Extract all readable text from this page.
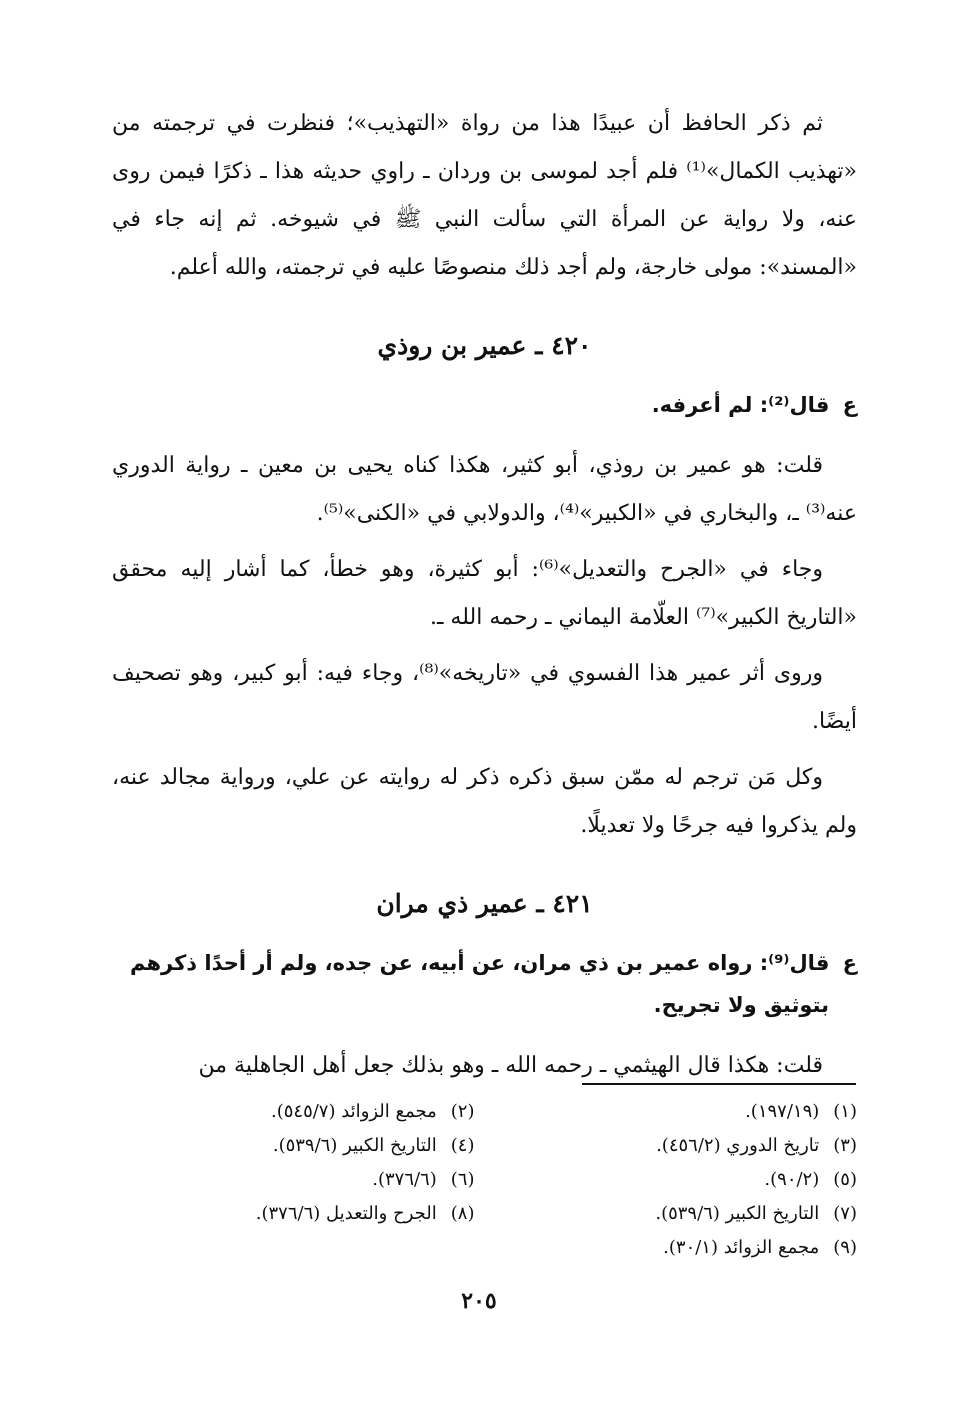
ثم ذكر الحافظ أن عبيدًا هذا من رواة «التهذيب»؛ فنظرت في ترجمته من «تهذيب الكمال»⁽¹⁾ فلم أجد لموسى بن وردان ـ راوي حديثه هذا ـ ذكرًا فيمن روى عنه، ولا رواية عن المرأة التي سألت النبي ﷺ في شيوخه. ثم إنه جاء في «المسند»: مولى خارجة، ولم أجد ذلك منصوصًا عليه في ترجمته، والله أعلم.

٤٢٠ ـ عمير بن روذي
ع قال⁽²⁾: لم أعرفه.

قلت: هو عمير بن روذي، أبو كثير، هكذا كناه يحيى بن معين ـ رواية الدوري عنه⁽³⁾ ـ، والبخاري في «الكبير»⁽⁴⁾، والدولابي في «الكنى»⁽⁵⁾.

وجاء في «الجرح والتعديل»⁽⁶⁾: أبو كثيرة، وهو خطأ، كما أشار إليه محقق «التاريخ الكبير»⁽⁷⁾ العلّامة اليماني ـ رحمه الله ـ.

وروى أثر عمير هذا الفسوي في «تاريخه»⁽⁸⁾، وجاء فيه: أبو كبير، وهو تصحيف أيضًا.

وكل مَن ترجم له ممّن سبق ذكره ذكر له روايته عن علي، ورواية مجالد عنه، ولم يذكروا فيه جرحًا ولا تعديلًا.

٤٢١ ـ عمير ذي مران
ع قال⁽⁹⁾: رواه عمير بن ذي مران، عن أبيه، عن جده، ولم أر أحدًا ذكرهم
بتوثيق ولا تجريح.

قلت: هكذا قال الهيثمي ـ رحمه الله ـ وهو بذلك جعل أهل الجاهلية من

(١)(١٩٧/١٩).
(٢)مجمع الزوائد (٥٤٥/٧).
(٣)تاريخ الدوري (٤٥٦/٢).
(٤)التاريخ الكبير (٥٣٩/٦).
(٥)(٩٠/٢).
(٦)(٣٧٦/٦).
(٧)التاريخ الكبير (٥٣٩/٦).
(٨)الجرح والتعديل (٣٧٦/٦).
(٩)مجمع الزوائد (٣٠/١).
٢٠٥
